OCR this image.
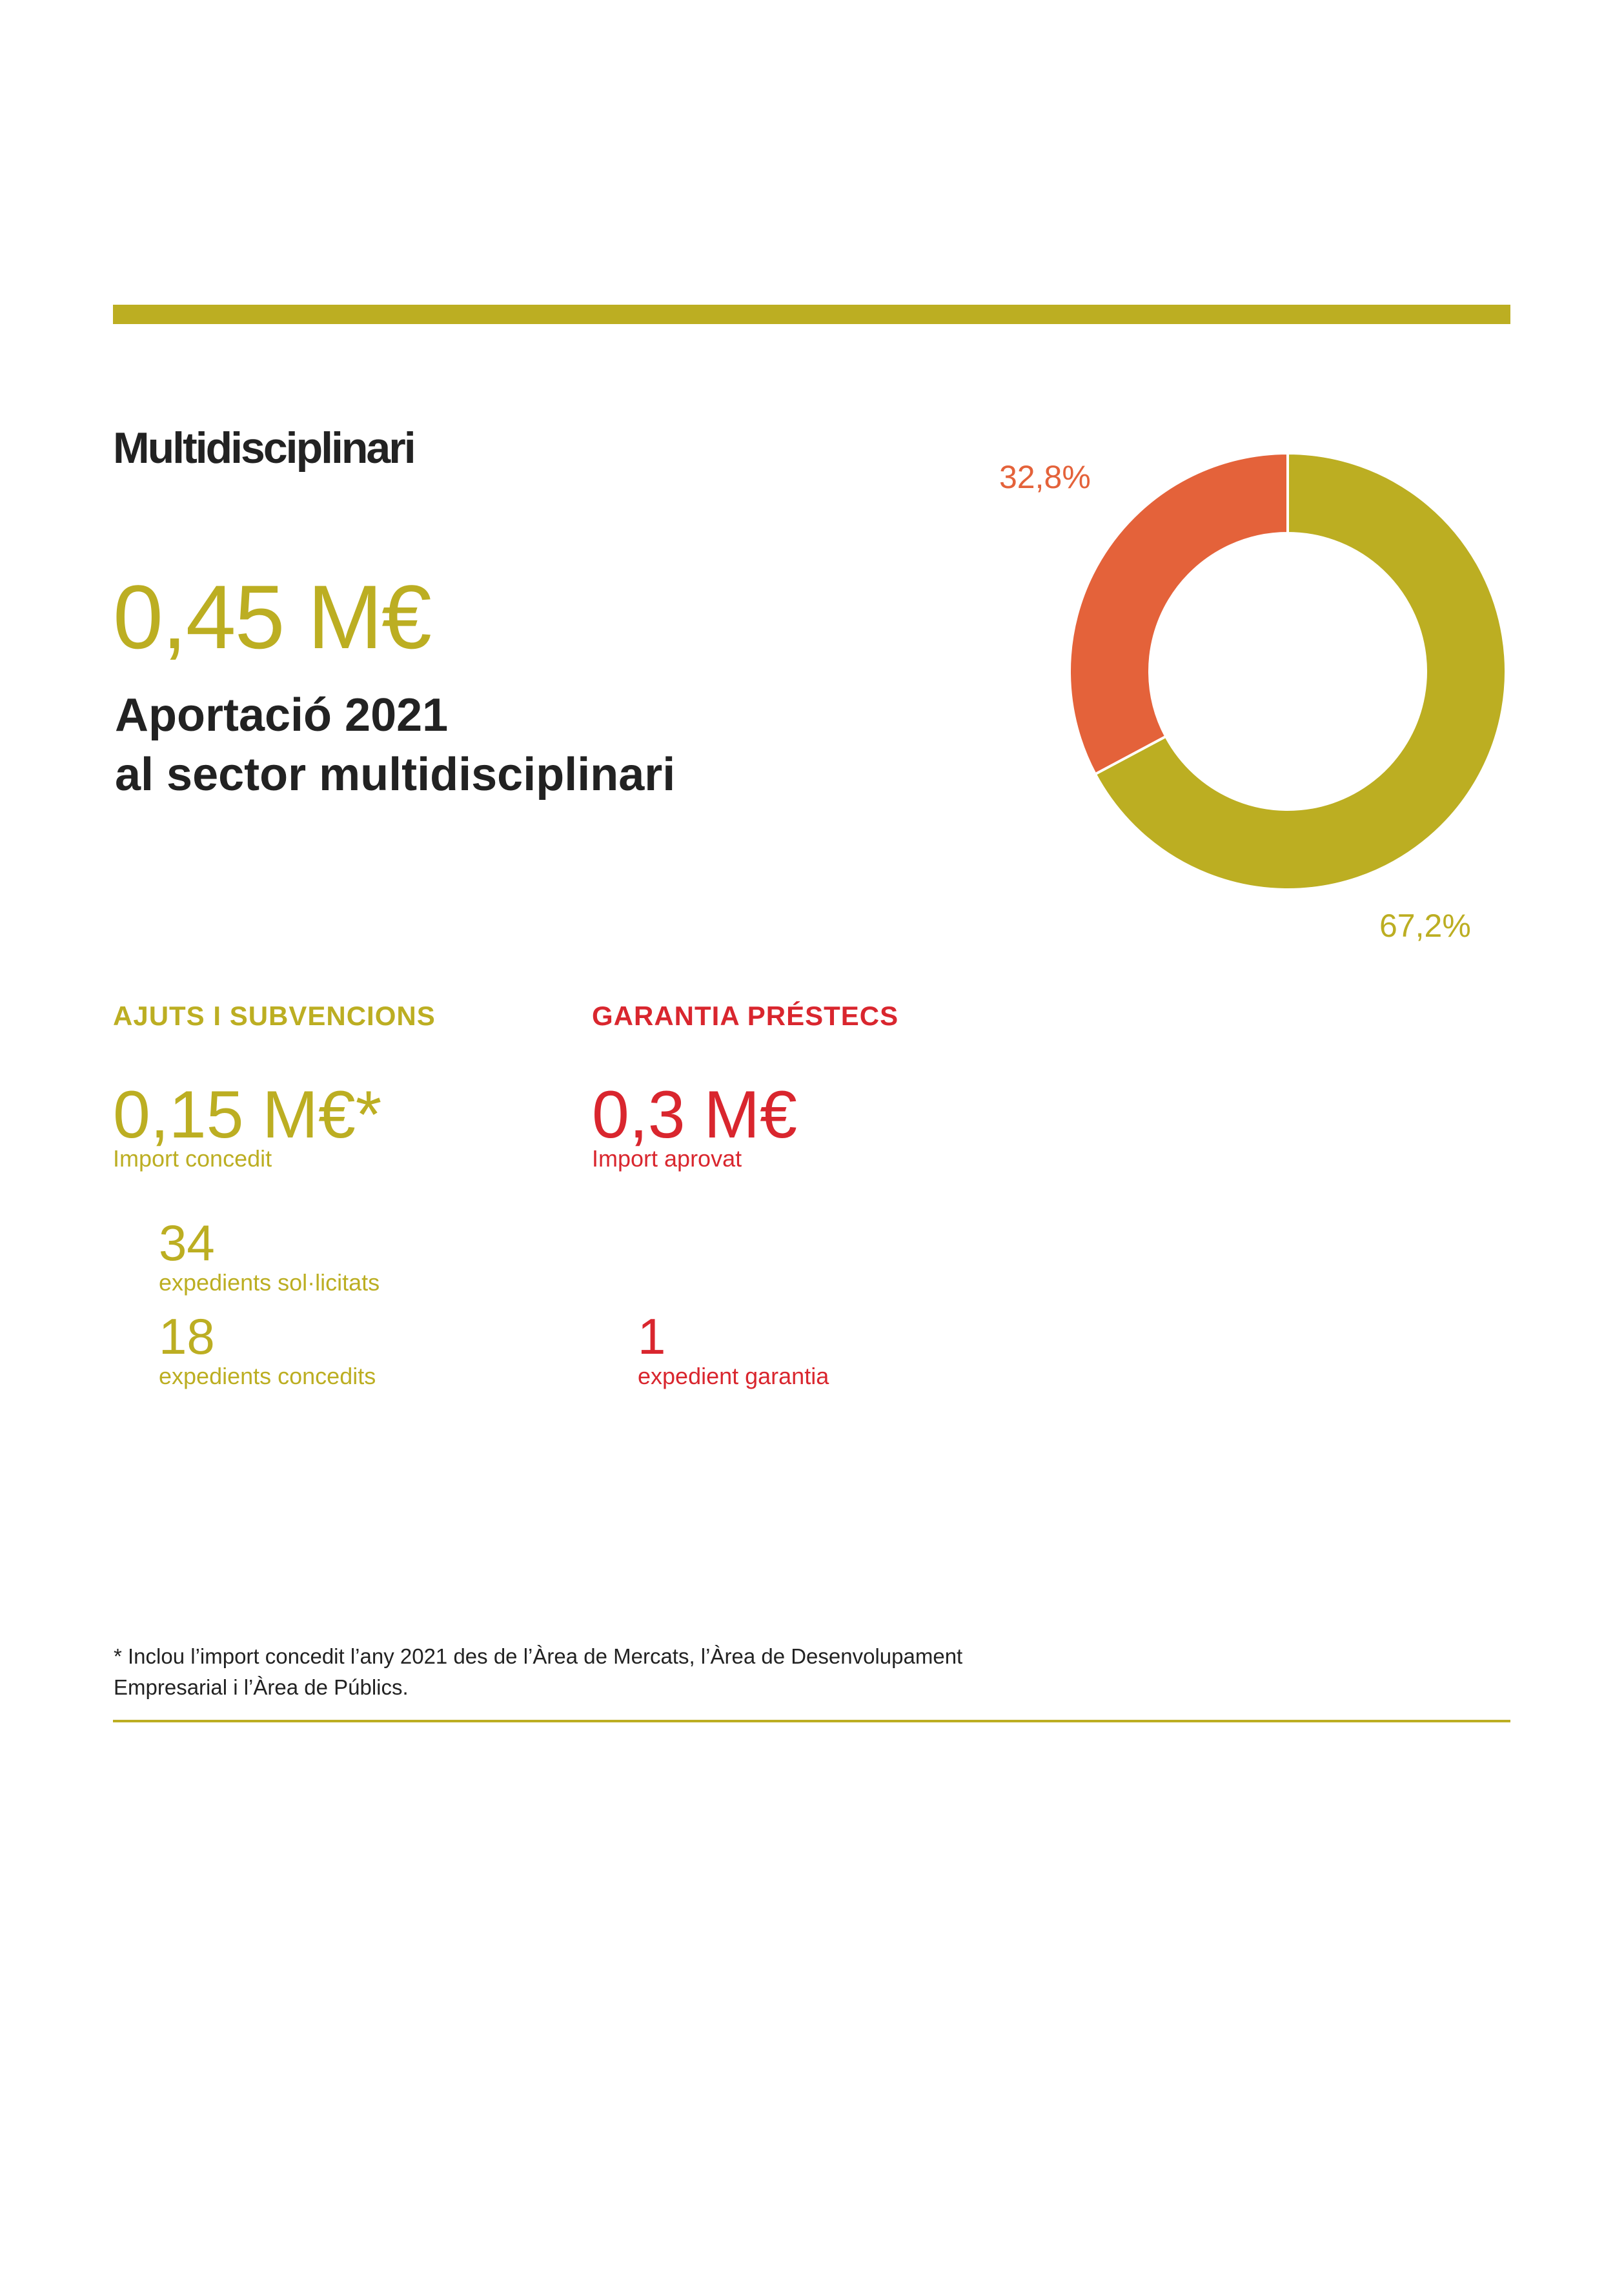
Multidisciplinari
0,45 M€
Aportació 2021
al sector multidisciplinari
32,8%
67,2%
AJUTS I SUBVENCIONS	GARANTIA PRÉSTECS
0,15 M€*
Import concedit
0,3 M€
Import aprovat
34
expedients sol·licitats
18
expedients concedits
1
expedient garantia
* Inclou l’import concedit l’any 2021 des de l’Àrea de Mercats, l’Àrea de Desenvolupament
Empresarial i l’Àrea de Públics.
